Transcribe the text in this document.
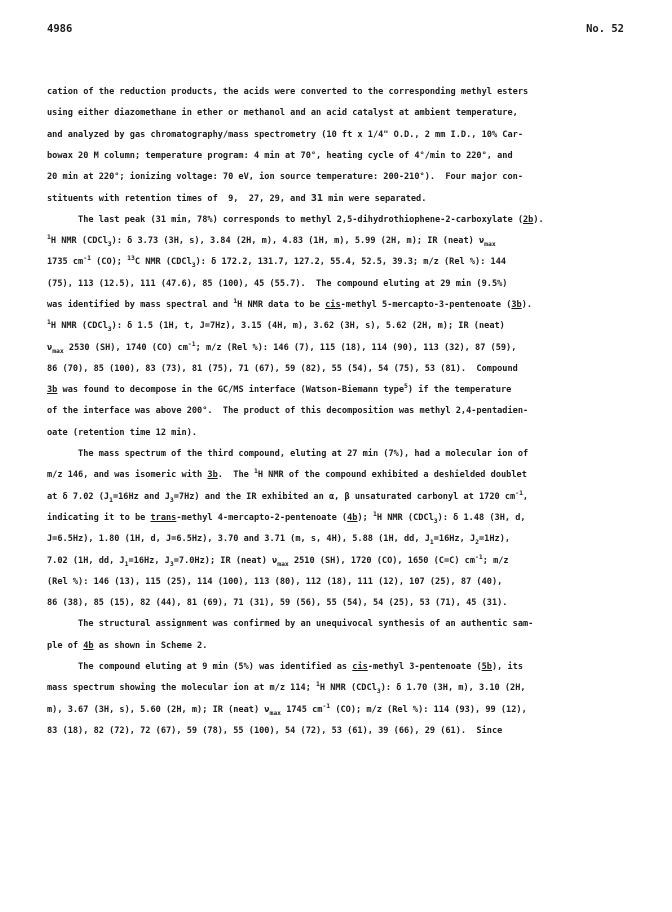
4986	No. 52
cation of the reduction products, the acids were converted to the corresponding methyl esters
using either diazomethane in ether or methanol and an acid catalyst at ambient temperature,
and analyzed by gas chromatography/mass spectrometry (10 ft x 1/4" O.D., 2 mm I.D., 10% Car-
bowax 20 M column; temperature program: 4 min at 70°, heating cycle of 4°/min to 220°, and
20 min at 220°; ionizing voltage: 70 eV, ion source temperature: 200-210°).  Four major con-
stituents with retention times of  9,  27, 29, and 31 min were separated.
The last peak (31 min, 78%) corresponds to methyl 2,5-dihydrothiophene-2-carboxylate (2b).
$^1$H NMR (CDCl$_3$): δ 3.73 (3H, s), 3.84 (2H, m), 4.83 (1H, m), 5.99 (2H, m); IR (neat) $\nu_{max}$
1735 $cm^{-1}$ (CO); $^{13}$C NMR (CDCl$_3$): δ 172.2, 131.7, 127.2, 55.4, 52.5, 39.3; m/z (Rel %): 144
(75), 113 (12.5), 111 (47.6), 85 (100), 45 (55.7).  The compound eluting at 29 min (9.5%)
was identified by mass spectral and $^1$H NMR data to be cis-methyl 5-mercapto-3-pentenoate (3b).
$^1$H NMR (CDCl$_3$): δ 1.5 (1H, t, J=7Hz), 3.15 (4H, m), 3.62 (3H, s), 5.62 (2H, m); IR (neat)
$\nu_{max}$ 2530 (SH), 1740 (CO) $cm^{-1}$; m/z (Rel %): 146 (7), 115 (18), 114 (90), 113 (32), 87 (59),
86 (70), 85 (100), 83 (73), 81 (75), 71 (67), 59 (82), 55 (54), 54 (75), 53 (81).  Compound
3b was found to decompose in the GC/MS interface (Watson-Biemann type$^5$) if the temperature
of the interface was above 200°.  The product of this decomposition was methyl 2,4-pentadien-
oate (retention time 12 min).
The mass spectrum of the third compound, eluting at 27 min (7%), had a molecular ion of
m/z 146, and was isomeric with 3b.  The $^1$H NMR of the compound exhibited a deshielded doublet
at δ 7.02 ($J_1=16Hz$ and $J_3=7Hz$) and the IR exhibited an α, β unsaturated carbonyl at 1720 $cm^{-1}$,
indicating it to be trans-methyl 4-mercapto-2-pentenoate (4b); $^1$H NMR (CDCl$_3$): δ 1.48 (3H, d,
J=6.5Hz), 1.80 (1H, d, J=6.5Hz), 3.70 and 3.71 (m, s, 4H), 5.88 (1H, dd, $J_1=16Hz$, $J_2=1Hz$),
7.02 (1H, dd, $J_1=16Hz$, $J_3=7.0Hz$); IR (neat) $\nu_{max}$ 2510 (SH), 1720 (CO), 1650 (C=C) $cm^{-1}$; m/z
(Rel %): 146 (13), 115 (25), 114 (100), 113 (80), 112 (18), 111 (12), 107 (25), 87 (40),
86 (38), 85 (15), 82 (44), 81 (69), 71 (31), 59 (56), 55 (54), 54 (25), 53 (71), 45 (31).
The structural assignment was confirmed by an unequivocal synthesis of an authentic sam-
ple of 4b as shown in Scheme 2.
The compound eluting at 9 min (5%) was identified as cis-methyl 3-pentenoate (5b), its
mass spectrum showing the molecular ion at m/z 114; $^1$H NMR (CDCl$_3$): δ 1.70 (3H, m), 3.10 (2H,
m), 3.67 (3H, s), 5.60 (2H, m); IR (neat) $\nu_{max}$ 1745 $cm^{-1}$ (CO); m/z (Rel %): 114 (93), 99 (12),
83 (18), 82 (72), 72 (67), 59 (78), 55 (100), 54 (72), 53 (61), 39 (66), 29 (61).  Since
